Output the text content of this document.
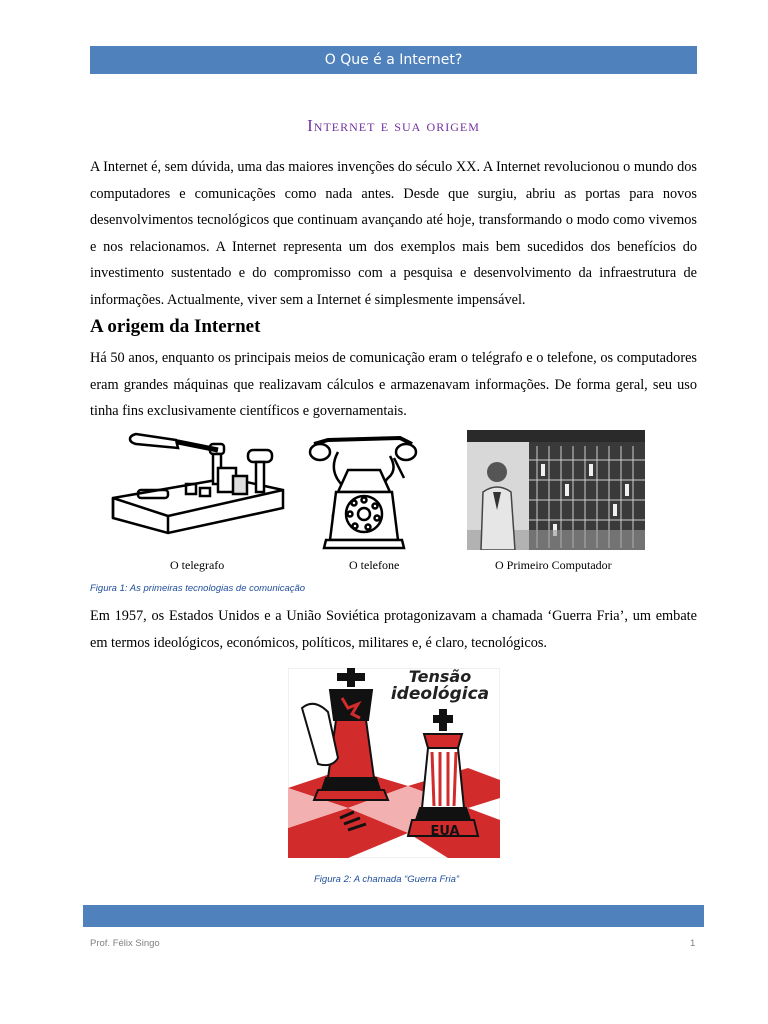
O Que é a Internet?
Internet e sua origem

A Internet é, sem dúvida, uma das maiores invenções do século XX. A Internet revolucionou o mundo dos computadores e comunicações como nada antes. Desde que surgiu, abriu as portas para novos desenvolvimentos tecnológicos que continuam avançando até hoje, transformando o modo como vivemos e nos relacionamos. A Internet representa um dos exemplos mais bem sucedidos dos benefícios do investimento sustentado e do compromisso com a pesquisa e desenvolvimento da infraestrutura de informações. Actualmente, viver sem a Internet é simplesmente impensável.

A origem da Internet

Há 50 anos, enquanto os principais meios de comunicação eram o telégrafo e o telefone, os computadores eram grandes máquinas que realizavam cálculos e armazenavam informações. De forma geral, seu uso tinha fins exclusivamente científicos e governamentais.

O telegrafo	O telefone	O Primeiro Computador
Figura 1: As primeiras tecnologias de comunicação

Em 1957, os Estados Unidos e a União Soviética protagonizavam a chamada ‘Guerra Fria’, um embate em termos ideológicos, económicos, políticos, militares e, é claro, tecnológicos.

Tensão
ideológica
URSS
EUA
Figura 2: A chamada “Guerra Fria”
Prof. Félix Singo	1
